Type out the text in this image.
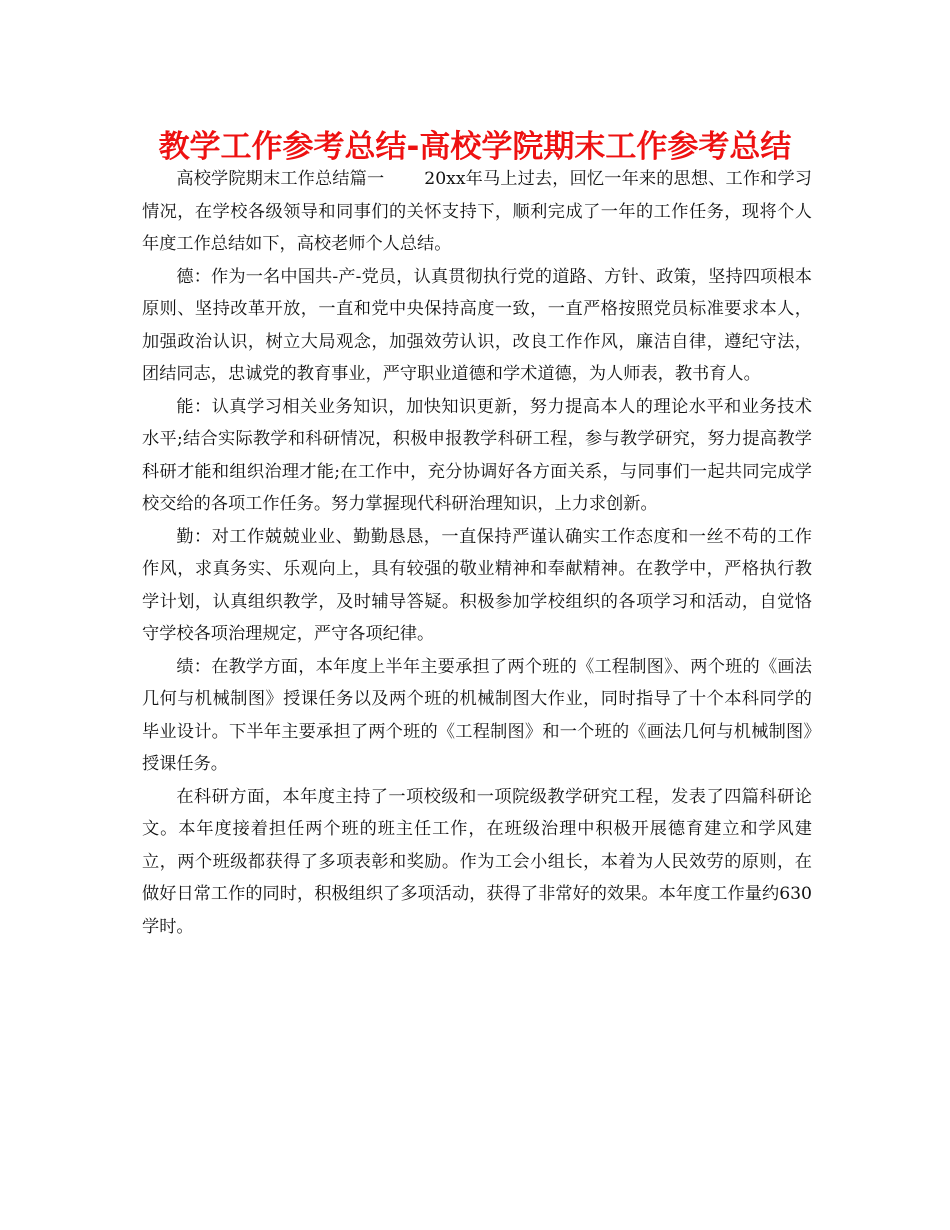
教学工作参考总结-高校学院期末工作参考总结

高校学院期末工作总结篇一 20xx年马上过去，回忆一年来的思想、工作和学习情况，在学校各级领导和同事们的关怀支持下，顺利完成了一年的工作任务，现将个人年度工作总结如下，高校老师个人总结。

德：作为一名中国共-产-党员，认真贯彻执行党的道路、方针、政策，坚持四项根本原则、坚持改革开放，一直和党中央保持高度一致，一直严格按照党员标准要求本人，加强政治认识，树立大局观念，加强效劳认识，改良工作作风，廉洁自律，遵纪守法，团结同志，忠诚党的教育事业，严守职业道德和学术道德，为人师表，教书育人。

能：认真学习相关业务知识，加快知识更新，努力提高本人的理论水平和业务技术水平;结合实际教学和科研情况，积极申报教学科研工程，参与教学研究，努力提高教学科研才能和组织治理才能;在工作中，充分协调好各方面关系，与同事们一起共同完成学校交给的各项工作任务。努力掌握现代科研治理知识，上力求创新。

勤：对工作兢兢业业、勤勤恳恳，一直保持严谨认确实工作态度和一丝不苟的工作作风，求真务实、乐观向上，具有较强的敬业精神和奉献精神。在教学中，严格执行教学计划，认真组织教学，及时辅导答疑。积极参加学校组织的各项学习和活动，自觉恪守学校各项治理规定，严守各项纪律。

绩：在教学方面，本年度上半年主要承担了两个班的《工程制图》、两个班的《画法几何与机械制图》授课任务以及两个班的机械制图大作业，同时指导了十个本科同学的毕业设计。下半年主要承担了两个班的《工程制图》和一个班的《画法几何与机械制图》授课任务。

在科研方面，本年度主持了一项校级和一项院级教学研究工程，发表了四篇科研论文。本年度接着担任两个班的班主任工作，在班级治理中积极开展德育建立和学风建立，两个班级都获得了多项表彰和奖励。作为工会小组长，本着为人民效劳的原则，在做好日常工作的同时，积极组织了多项活动，获得了非常好的效果。本年度工作量约630学时。
